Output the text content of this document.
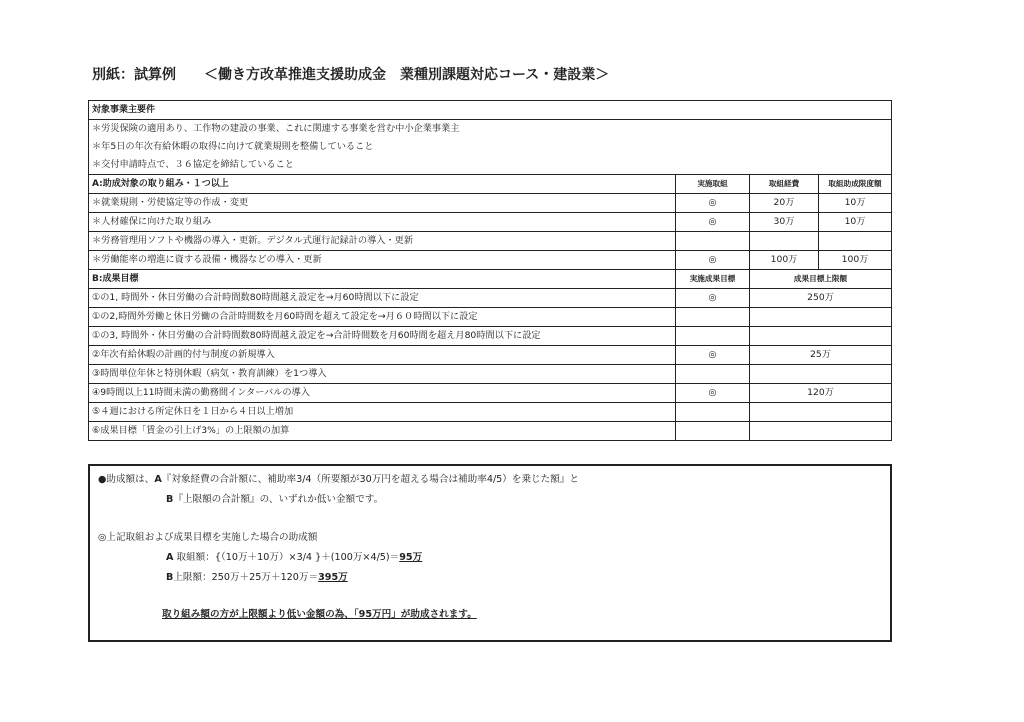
別紙：試算例 ＜働き方改革推進支援助成金　業種別課題対応コース・建設業＞
対象事業主要件			
＊労災保険の適用あり、工作物の建設の事業、これに関連する事業を営む中小企業事業主			
＊年5日の年次有給休暇の取得に向けて就業規則を整備していること			
＊交付申請時点で、３６協定を締結していること			
A:助成対象の取り組み・１つ以上	実施取組	取組経費	取組助成限度額
＊就業規則・労使協定等の作成・変更	◎	20万	10万
＊人材確保に向けた取り組み	◎	30万	10万
＊労務管理用ソフトや機器の導入・更新。デジタル式運行記録計の導入・更新			
＊労働能率の増進に資する設備・機器などの導入・更新	◎	100万	100万
B:成果目標	実施成果目標	成果目標上限額	
①の1, 時間外・休日労働の合計時間数80時間越え設定を→月60時間以下に設定	◎	250万	
①の2,時間外労働と休日労働の合計時間数を月60時間を超えて設定を→月６０時間以下に設定			
①の3, 時間外・休日労働の合計時間数80時間越え設定を→合計時間数を月60時間を超え月80時間以下に設定			
②年次有給休暇の計画的付与制度の新規導入	◎	25万	
③時間単位年休と特別休暇（病気・教育訓練）を1つ導入			
④9時間以上11時間未満の勤務間インターバルの導入	◎	120万	
⑤４週における所定休日を１日から４日以上増加			
⑥成果目標「賃金の引上げ3%」の上限額の加算			
●助成額は、A『対象経費の合計額に、補助率3/4（所要額が30万円を超える場合は補助率4/5）を乗じた額』と
B『上限額の合計額』の、いずれか低い金額です。
◎上記取組および成果目標を実施した場合の助成額
A 取組額：{（10万＋10万）×3/4 }＋(100万×4/5)＝95万
B上限額：250万＋25万＋120万＝395万
取り組み額の方が上限額より低い金額の為、「95万円」が助成されます。
